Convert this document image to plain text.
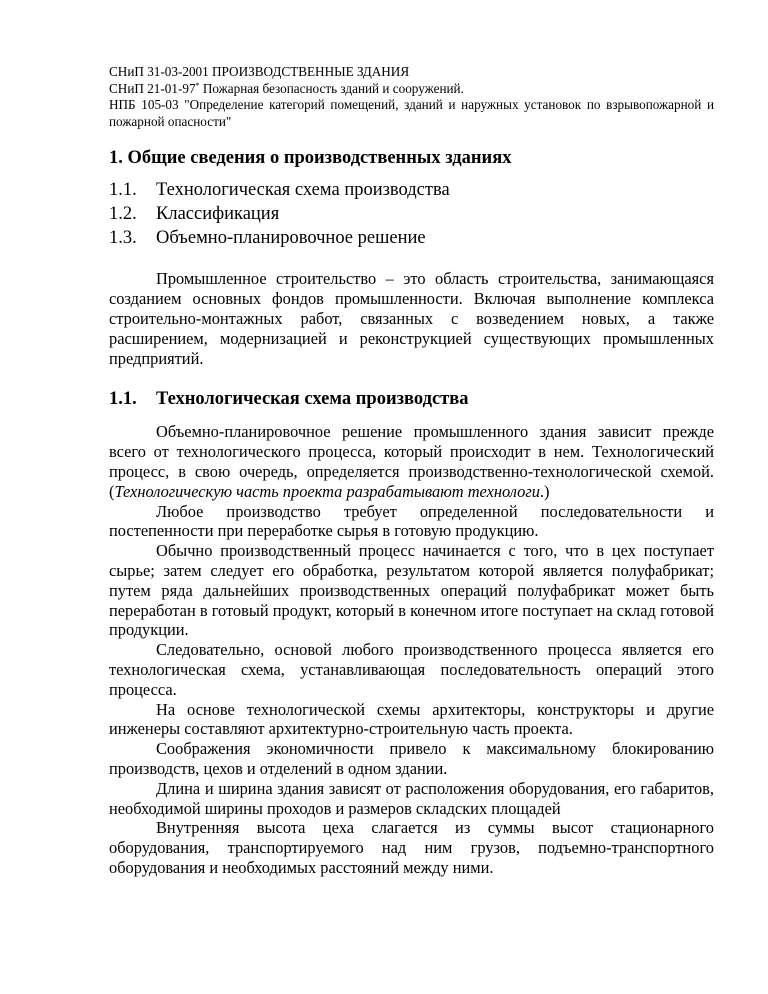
СНиП 31-03-2001 ПРОИЗВОДСТВЕННЫЕ ЗДАНИЯ

СНиП 21-01-97* Пожарная безопасность зданий и сооружений.

НПБ 105-03 "Определение категорий помещений, зданий и наружных установок по взрывопожарной и пожарной опасности"

1. Общие сведения о производственных зданиях
1.1. Технологическая схема производства
1.2. Классификация
1.3. Объемно-планировочное решение

Промышленное строительство – это область строительства, занимающаяся созданием основных фондов промышленности. Включая выполнение комплекса строительно-монтажных работ, связанных с возведением новых, а также расширением, модернизацией и реконструкцией существующих промышленных предприятий.

1.1. Технологическая схема производства

Объемно-планировочное решение промышленного здания зависит прежде всего от технологического процесса, который происходит в нем. Технологический процесс, в свою очередь, определяется производственно-технологической схемой. (Технологическую часть проекта разрабатывают технологи.)

Любое производство требует определенной последовательности и постепенности при переработке сырья в готовую продукцию.

Обычно производственный процесс начинается с того, что в цех поступает сырье; затем следует его обработка, результатом которой является полуфабрикат; путем ряда дальнейших производственных операций полуфабрикат может быть переработан в готовый продукт, который в конечном итоге поступает на склад готовой продукции.

Следовательно, основой любого производственного процесса является его технологическая схема, устанавливающая последовательность операций этого процесса.

На основе технологической схемы архитекторы, конструкторы и другие инженеры составляют архитектурно-строительную часть проекта.

Соображения экономичности привело к максимальному блокированию производств, цехов и отделений в одном здании.

Длина и ширина здания зависят от расположения оборудования, его габаритов, необходимой ширины проходов и размеров складских площадей

Внутренняя высота цеха слагается из суммы высот стационарного оборудования, транспортируемого над ним грузов, подъемно-транспортного оборудования и необходимых расстояний между ними.
